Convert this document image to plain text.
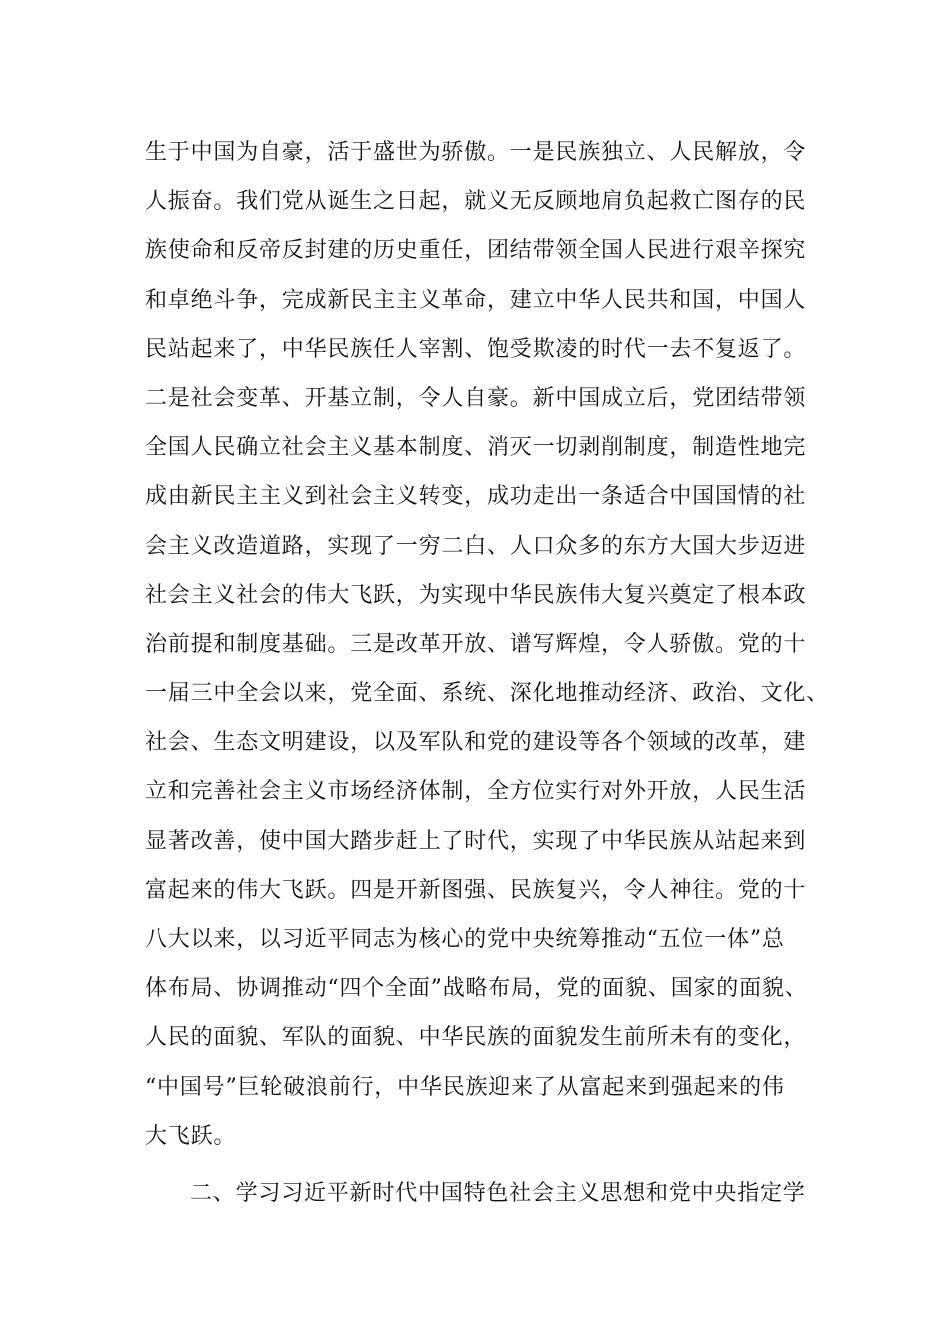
生于中国为自豪，活于盛世为骄傲。一是民族独立、人民解放，令
人振奋。我们党从诞生之日起，就义无反顾地肩负起救亡图存的民
族使命和反帝反封建的历史重任，团结带领全国人民进行艰辛探究
和卓绝斗争，完成新民主主义革命，建立中华人民共和国，中国人
民站起来了，中华民族任人宰割、饱受欺凌的时代一去不复返了。
二是社会变革、开基立制，令人自豪。新中国成立后，党团结带领
全国人民确立社会主义基本制度、消灭一切剥削制度，制造性地完
成由新民主主义到社会主义转变，成功走出一条适合中国国情的社
会主义改造道路，实现了一穷二白、人口众多的东方大国大步迈进
社会主义社会的伟大飞跃，为实现中华民族伟大复兴奠定了根本政
治前提和制度基础。三是改革开放、谱写辉煌，令人骄傲。党的十
一届三中全会以来，党全面、系统、深化地推动经济、政治、文化、
社会、生态文明建设，以及军队和党的建设等各个领域的改革，建
立和完善社会主义市场经济体制，全方位实行对外开放，人民生活
显著改善，使中国大踏步赶上了时代，实现了中华民族从站起来到
富起来的伟大飞跃。四是开新图强、民族复兴，令人神往。党的十
八大以来，以习近平同志为核心的党中央统筹推动“五位一体”总
体布局、协调推动“四个全面”战略布局，党的面貌、国家的面貌、
人民的面貌、军队的面貌、中华民族的面貌发生前所未有的变化，
“中国号”巨轮破浪前行，中华民族迎来了从富起来到强起来的伟
大飞跃。
二、学习习近平新时代中国特色社会主义思想和党中央指定学
